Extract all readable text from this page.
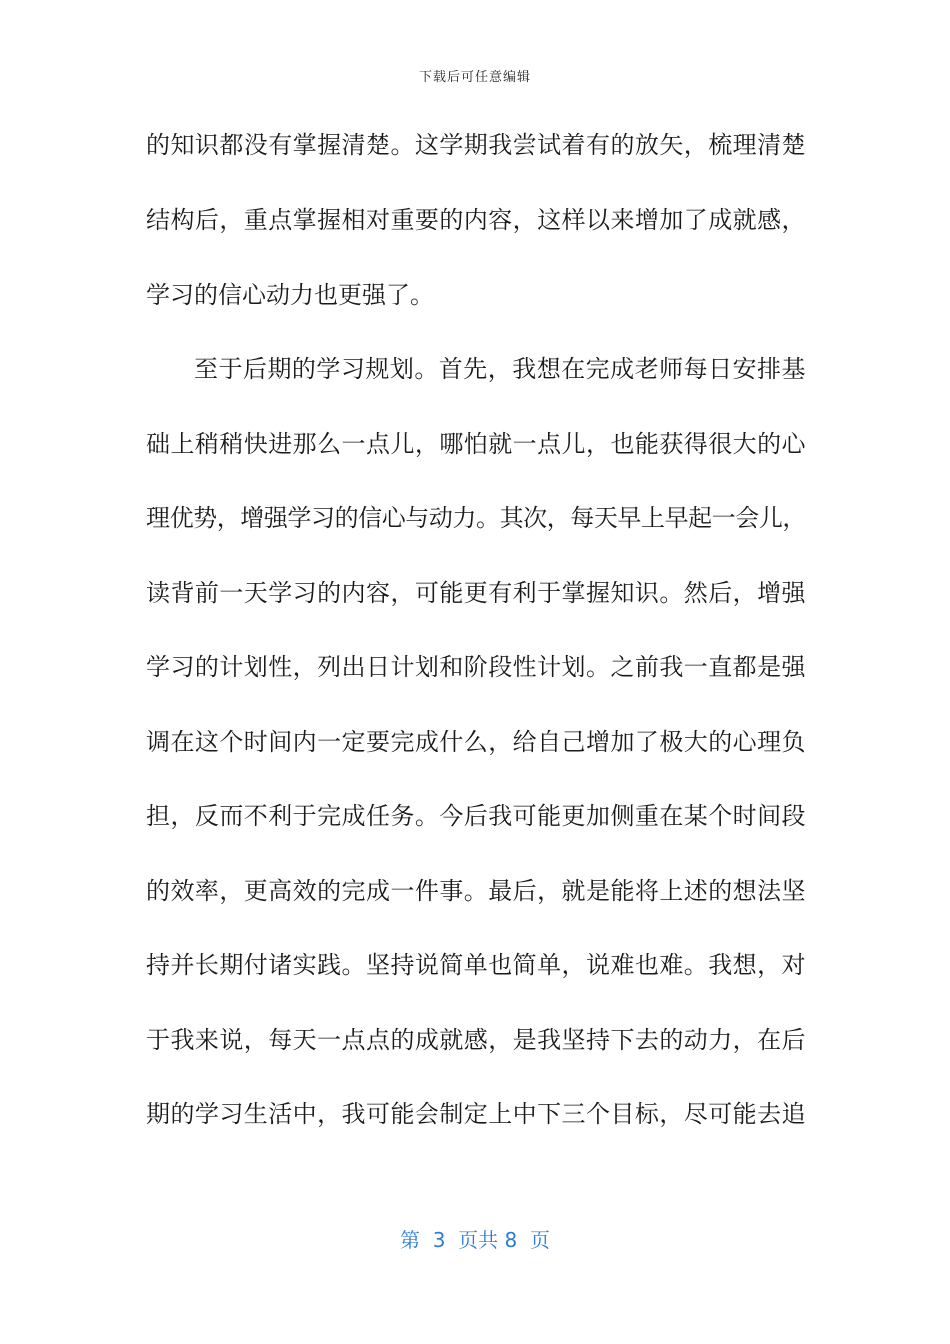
下载后可任意编辑
的知识都没有掌握清楚。这学期我尝试着有的放矢，梳理清楚
结构后，重点掌握相对重要的内容，这样以来增加了成就感，
学习的信心动力也更强了。
至于后期的学习规划。首先，我想在完成老师每日安排基
础上稍稍快进那么一点儿，哪怕就一点儿，也能获得很大的心
理优势，增强学习的信心与动力。其次，每天早上早起一会儿，
读背前一天学习的内容，可能更有利于掌握知识。然后，增强
学习的计划性，列出日计划和阶段性计划。之前我一直都是强
调在这个时间内一定要完成什么，给自己增加了极大的心理负
担，反而不利于完成任务。今后我可能更加侧重在某个时间段
的效率，更高效的完成一件事。最后，就是能将上述的想法坚
持并长期付诸实践。坚持说简单也简单，说难也难。我想，对
于我来说，每天一点点的成就感，是我坚持下去的动力，在后
期的学习生活中，我可能会制定上中下三个目标，尽可能去追
第  3  页共 8  页
